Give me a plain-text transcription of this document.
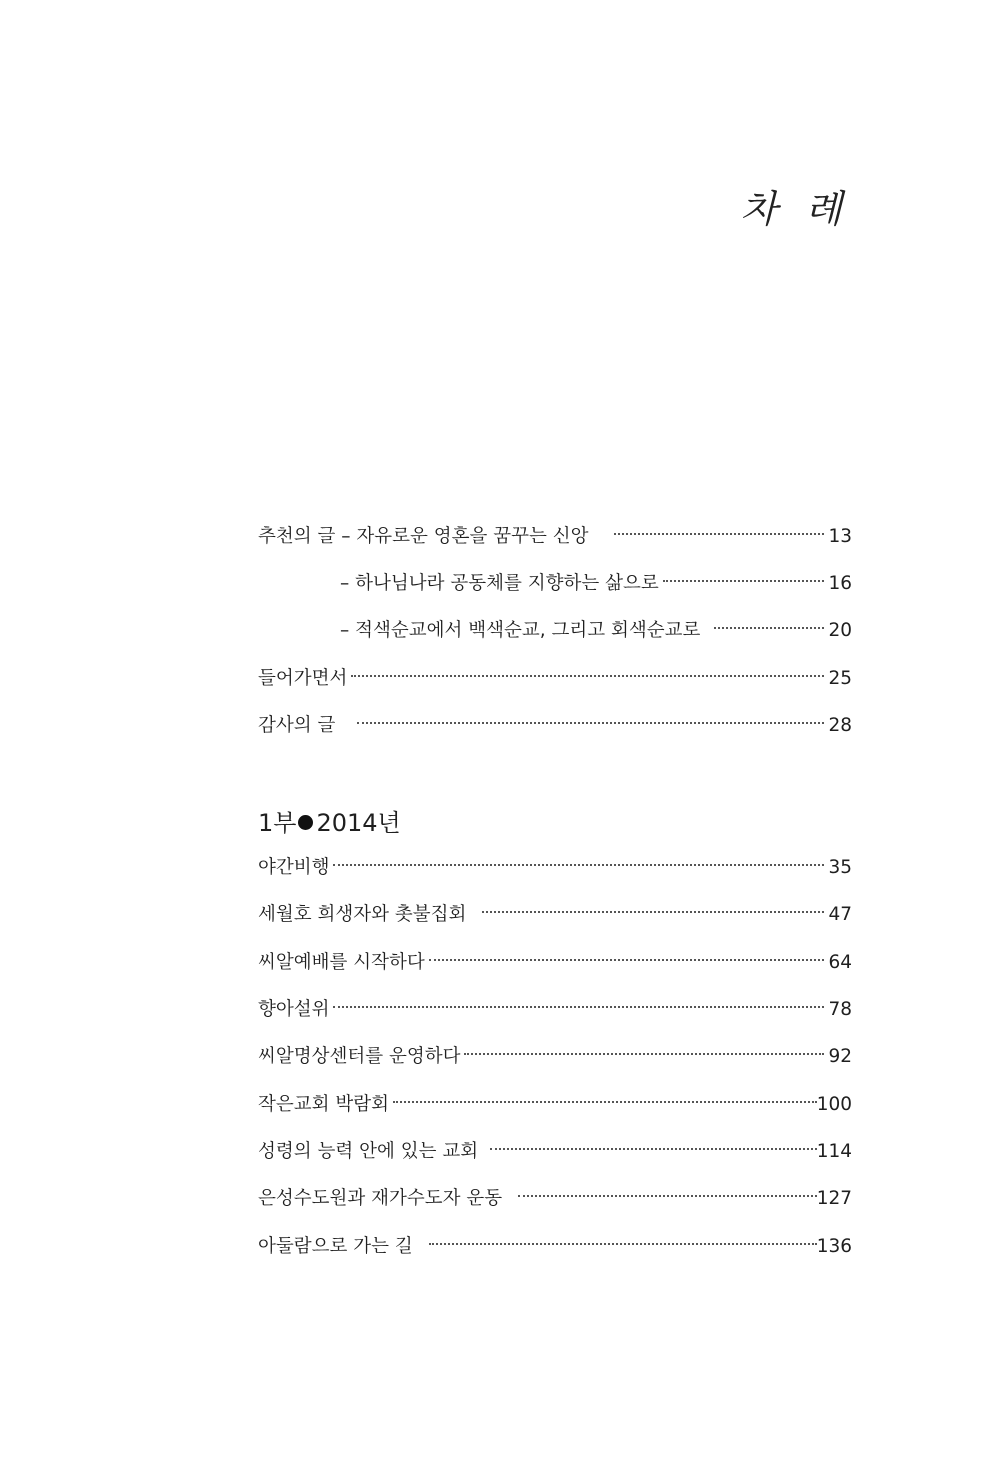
차 례
추천의 글 – 자유로운 영혼을 꿈꾸는 신앙	13
– 하나님나라 공동체를 지향하는 삶으로	16
– 적색순교에서 백색순교, 그리고 회색순교로	20
들어가면서	25
감사의 글	28
1부 2014년
야간비행	35
세월호 희생자와 촛불집회	47
씨알예배를 시작하다	64
향아설위	78
씨알명상센터를 운영하다	92
작은교회 박람회	100
성령의 능력 안에 있는 교회	114
은성수도원과 재가수도자 운동	127
아둘람으로 가는 길	136
